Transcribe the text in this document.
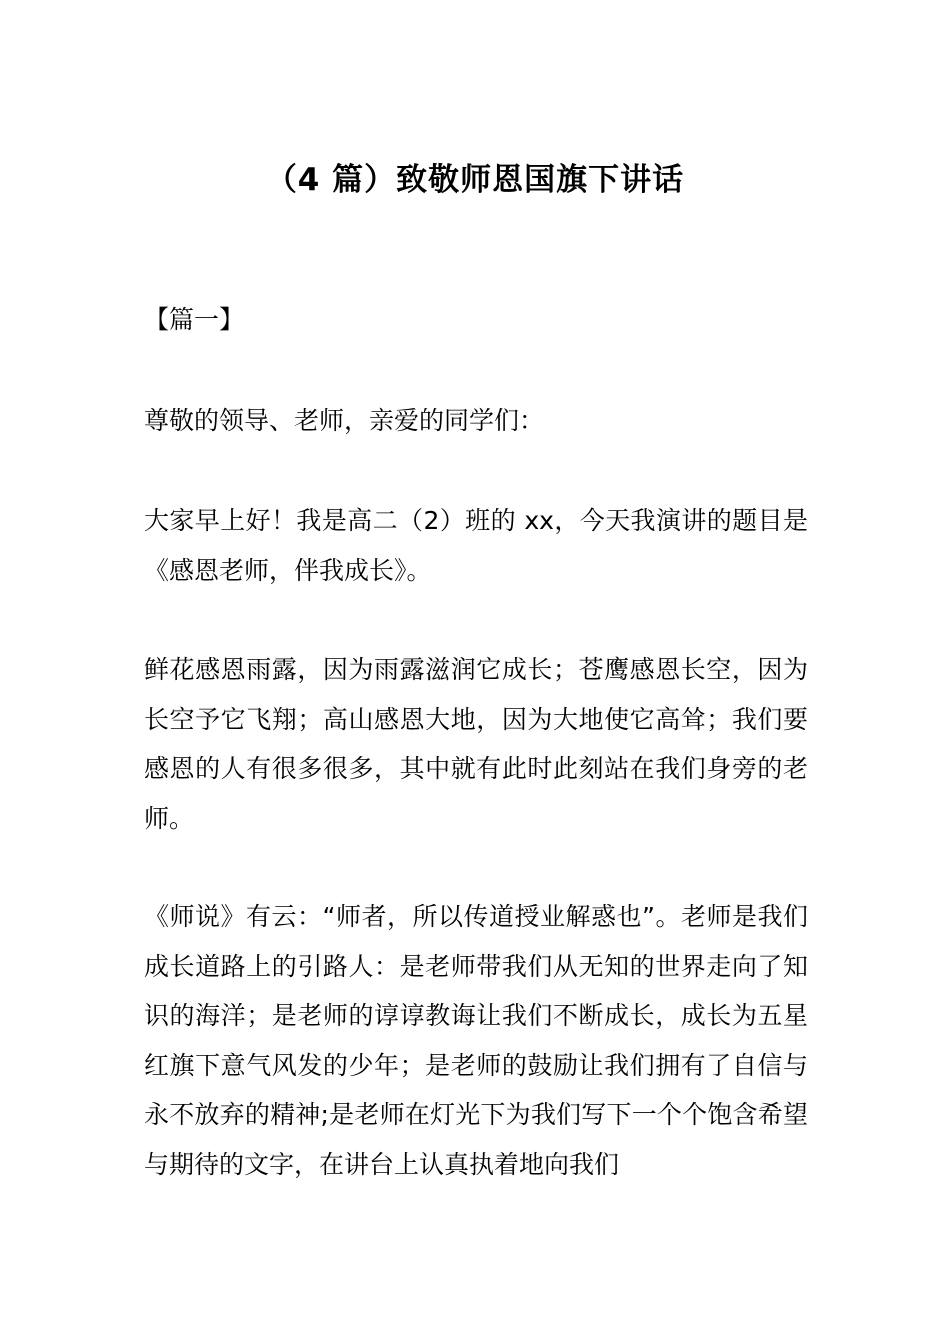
（4 篇）致敬师恩国旗下讲话
【篇一】

尊敬的领导、老师，亲爱的同学们：

大家早上好！我是高二（2）班的 xx，今天我演讲的题目是《感恩老师，伴我成长》。

鲜花感恩雨露，因为雨露滋润它成长；苍鹰感恩长空，因为长空予它飞翔；高山感恩大地，因为大地使它高耸；我们要感恩的人有很多很多，其中就有此时此刻站在我们身旁的老师。

《师说》有云：“师者，所以传道授业解惑也”。老师是我们成长道路上的引路人：是老师带我们从无知的世界走向了知识的海洋；是老师的谆谆教诲让我们不断成长，成长为五星红旗下意气风发的少年；是老师的鼓励让我们拥有了自信与永不放弃的精神;是老师在灯光下为我们写下一个个饱含希望与期待的文字，在讲台上认真执着地向我们
